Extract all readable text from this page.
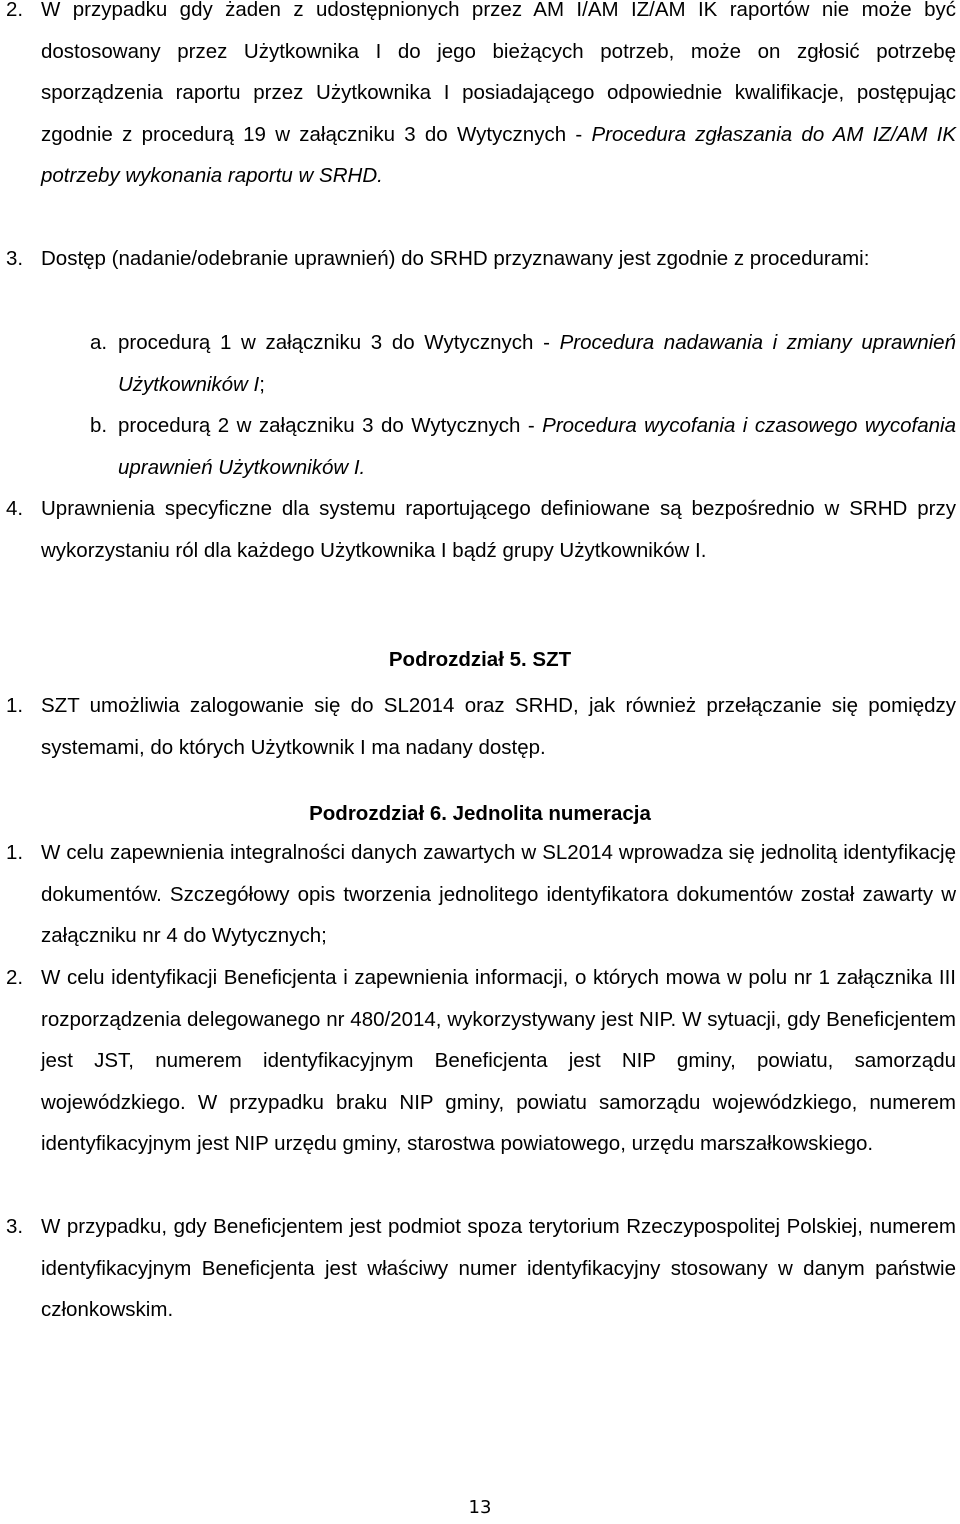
2. W przypadku gdy żaden z udostępnionych przez AM I/AM IZ/AM IK raportów nie może być dostosowany przez Użytkownika I do jego bieżących potrzeb, może on zgłosić potrzebę sporządzenia raportu przez Użytkownika I posiadającego odpowiednie kwalifikacje, postępując zgodnie z procedurą 19 w załączniku 3 do Wytycznych - Procedura zgłaszania do AM IZ/AM IK potrzeby wykonania raportu w SRHD.
3. Dostęp (nadanie/odebranie uprawnień) do SRHD przyznawany jest zgodnie z procedurami:
a. procedurą 1 w załączniku 3 do Wytycznych - Procedura nadawania i zmiany uprawnień Użytkowników I;
b. procedurą 2 w załączniku 3 do Wytycznych - Procedura wycofania i czasowego wycofania uprawnień Użytkowników I.
4. Uprawnienia specyficzne dla systemu raportującego definiowane są bezpośrednio w SRHD przy wykorzystaniu ról dla każdego Użytkownika I bądź grupy Użytkowników I.
Podrozdział 5. SZT
1. SZT umożliwia zalogowanie się do SL2014 oraz SRHD, jak również przełączanie się pomiędzy systemami, do których Użytkownik I ma nadany dostęp.
Podrozdział 6. Jednolita numeracja
1. W celu zapewnienia integralności danych zawartych w SL2014 wprowadza się jednolitą identyfikację dokumentów. Szczegółowy opis tworzenia jednolitego identyfikatora dokumentów został zawarty w załączniku nr 4 do Wytycznych;
2. W celu identyfikacji Beneficjenta i zapewnienia informacji, o których mowa w polu nr 1 załącznika III rozporządzenia delegowanego nr 480/2014, wykorzystywany jest NIP. W sytuacji, gdy Beneficjentem jest JST, numerem identyfikacyjnym Beneficjenta jest NIP gminy, powiatu, samorządu wojewódzkiego. W przypadku braku NIP gminy, powiatu samorządu wojewódzkiego, numerem identyfikacyjnym jest NIP urzędu gminy, starostwa powiatowego, urzędu marszałkowskiego.
3. W przypadku, gdy Beneficjentem jest podmiot spoza terytorium Rzeczypospolitej Polskiej, numerem identyfikacyjnym Beneficjenta jest właściwy numer identyfikacyjny stosowany w danym państwie członkowskim.
13
